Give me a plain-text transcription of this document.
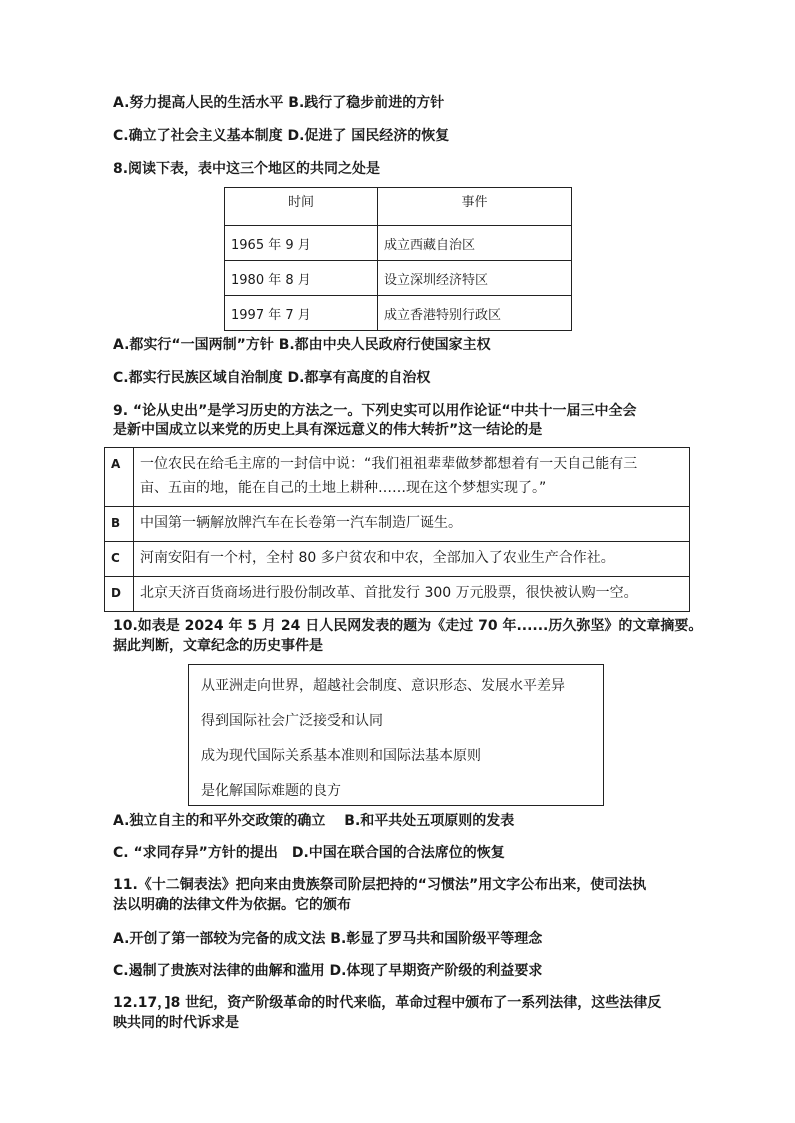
A.努力提高人民的生活水平 B.践行了稳步前进的方针
C.确立了社会主义基本制度 D.促进了 国民经济的恢复
8.阅读下表，表中这三个地区的共同之处是
时间	事件
1965 年 9 月	成立西藏自治区
1980 年 8 月	设立深圳经济特区
1997 年 7 月	成立香港特别行政区
A.都实行“一国两制”方针 B.都由中央人民政府行使国家主权
C.都实行民族区域自治制度 D.都享有高度的自治权
9. “论从史出”是学习历史的方法之一。下列史实可以用作论证“中共十一届三中全会
是新中国成立以来党的历史上具有深远意义的伟大转折”这一结论的是
A	一位农民在给毛主席的一封信中说：“我们祖祖辈辈做梦都想着有一天自己能有三
亩、五亩的地，能在自己的土地上耕种……现在这个梦想实现了。”

B	中国第一辆解放牌汽车在长卷第一汽车制造厂诞生。
C	河南安阳有一个村，全村 80 多户贫农和中农，全部加入了农业生产合作社。
D	北京天济百货商场进行股份制改革、首批发行 300 万元股票，很快被认购一空。
10.如表是 2024 年 5 月 24 日人民网发表的题为《走过 70 年......历久弥坚》的文章摘要。
据此判断，文章纪念的历史事件是
从亚洲走向世界，超越社会制度、意识形态、发展水平差异
得到国际社会广泛接受和认同
成为现代国际关系基本准则和国际法基本原则
是化解国际难题的良方
A.独立自主的和平外交政策的确立　 B.和平共处五项原则的发表
C. “求同存异”方针的提出　D.中国在联合国的合法席位的恢复
11.《十二铜表法》把向来由贵族祭司阶层把持的“习惯法”用文字公布出来，使司法执
法以明确的法律文件为依据。它的颁布
A.开创了第一部较为完备的成文法 B.彰显了罗马共和国阶级平等理念
C.遏制了贵族对法律的曲解和滥用 D.体现了早期资产阶级的利益要求
12.17，]8 世纪，资产阶级革命的时代来临，革命过程中颁布了一系列法律，这些法律反
映共同的时代诉求是
